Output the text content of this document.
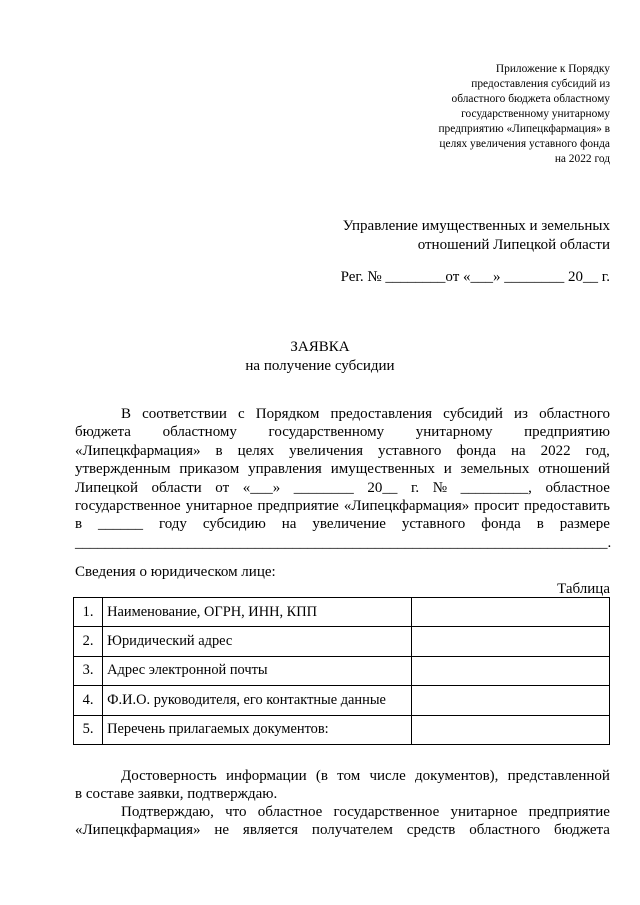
Приложение к Порядку
предоставления субсидий из
областного бюджета областному
государственному унитарному
предприятию «Липецкфармация» в
целях увеличения уставного фонда
на 2022 год
Управление имущественных и земельных
отношений Липецкой области
Рег. № ________от «___» ________ 20__ г.
ЗАЯВКА
на получение субсидии
В соответствии с Порядком предоставления субсидий из областного
бюджета областному государственному унитарному предприятию
«Липецкфармация» в целях увеличения уставного фонда на 2022 год,
утвержденным приказом управления имущественных и земельных отношений
Липецкой области от «___» ________ 20__ г. № _________, областное
государственное унитарное предприятие «Липецкфармация» просит предоставить
в ______ году субсидию на увеличение уставного фонда в размере
_______________________________________________________________________.
Сведения о юридическом лице:
Таблица
1.	Наименование, ОГРН, ИНН, КПП	
2.	Юридический адрес	
3.	Адрес электронной почты	
4.	Ф.И.О. руководителя, его контактные данные	
5.	Перечень прилагаемых документов:	
Достоверность информации (в том числе документов), представленной
в составе заявки, подтверждаю.
Подтверждаю, что областное государственное унитарное предприятие
«Липецкфармация» не является получателем средств областного бюджета
